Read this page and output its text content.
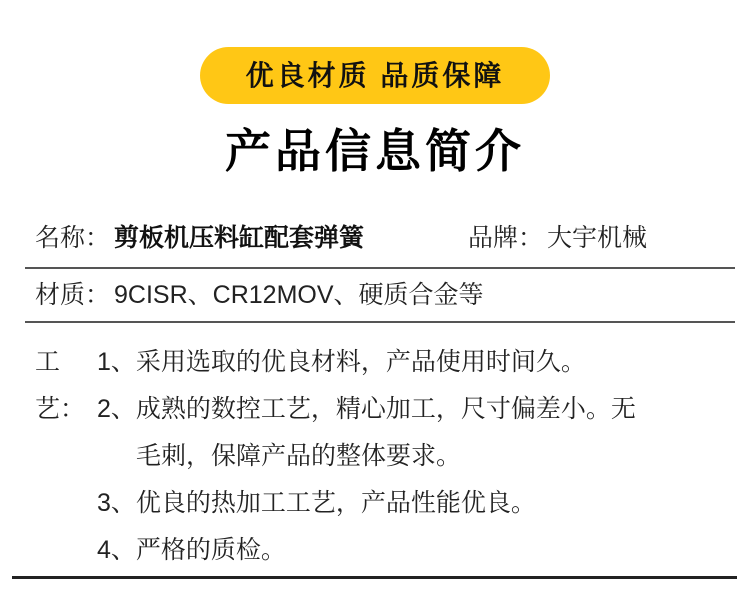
优良材质 品质保障
产品信息简介
名称： 剪板机压料缸配套弹簧	品牌： 大宇机械
材质： 9CISR、CR12MOV、硬质合金等
工艺：
1、采用选取的优良材料，产品使用时间久。
2、成熟的数控工艺，精心加工，尺寸偏差小。无毛刺，保障产品的整体要求。
3、优良的热加工工艺，产品性能优良。
4、严格的质检。
